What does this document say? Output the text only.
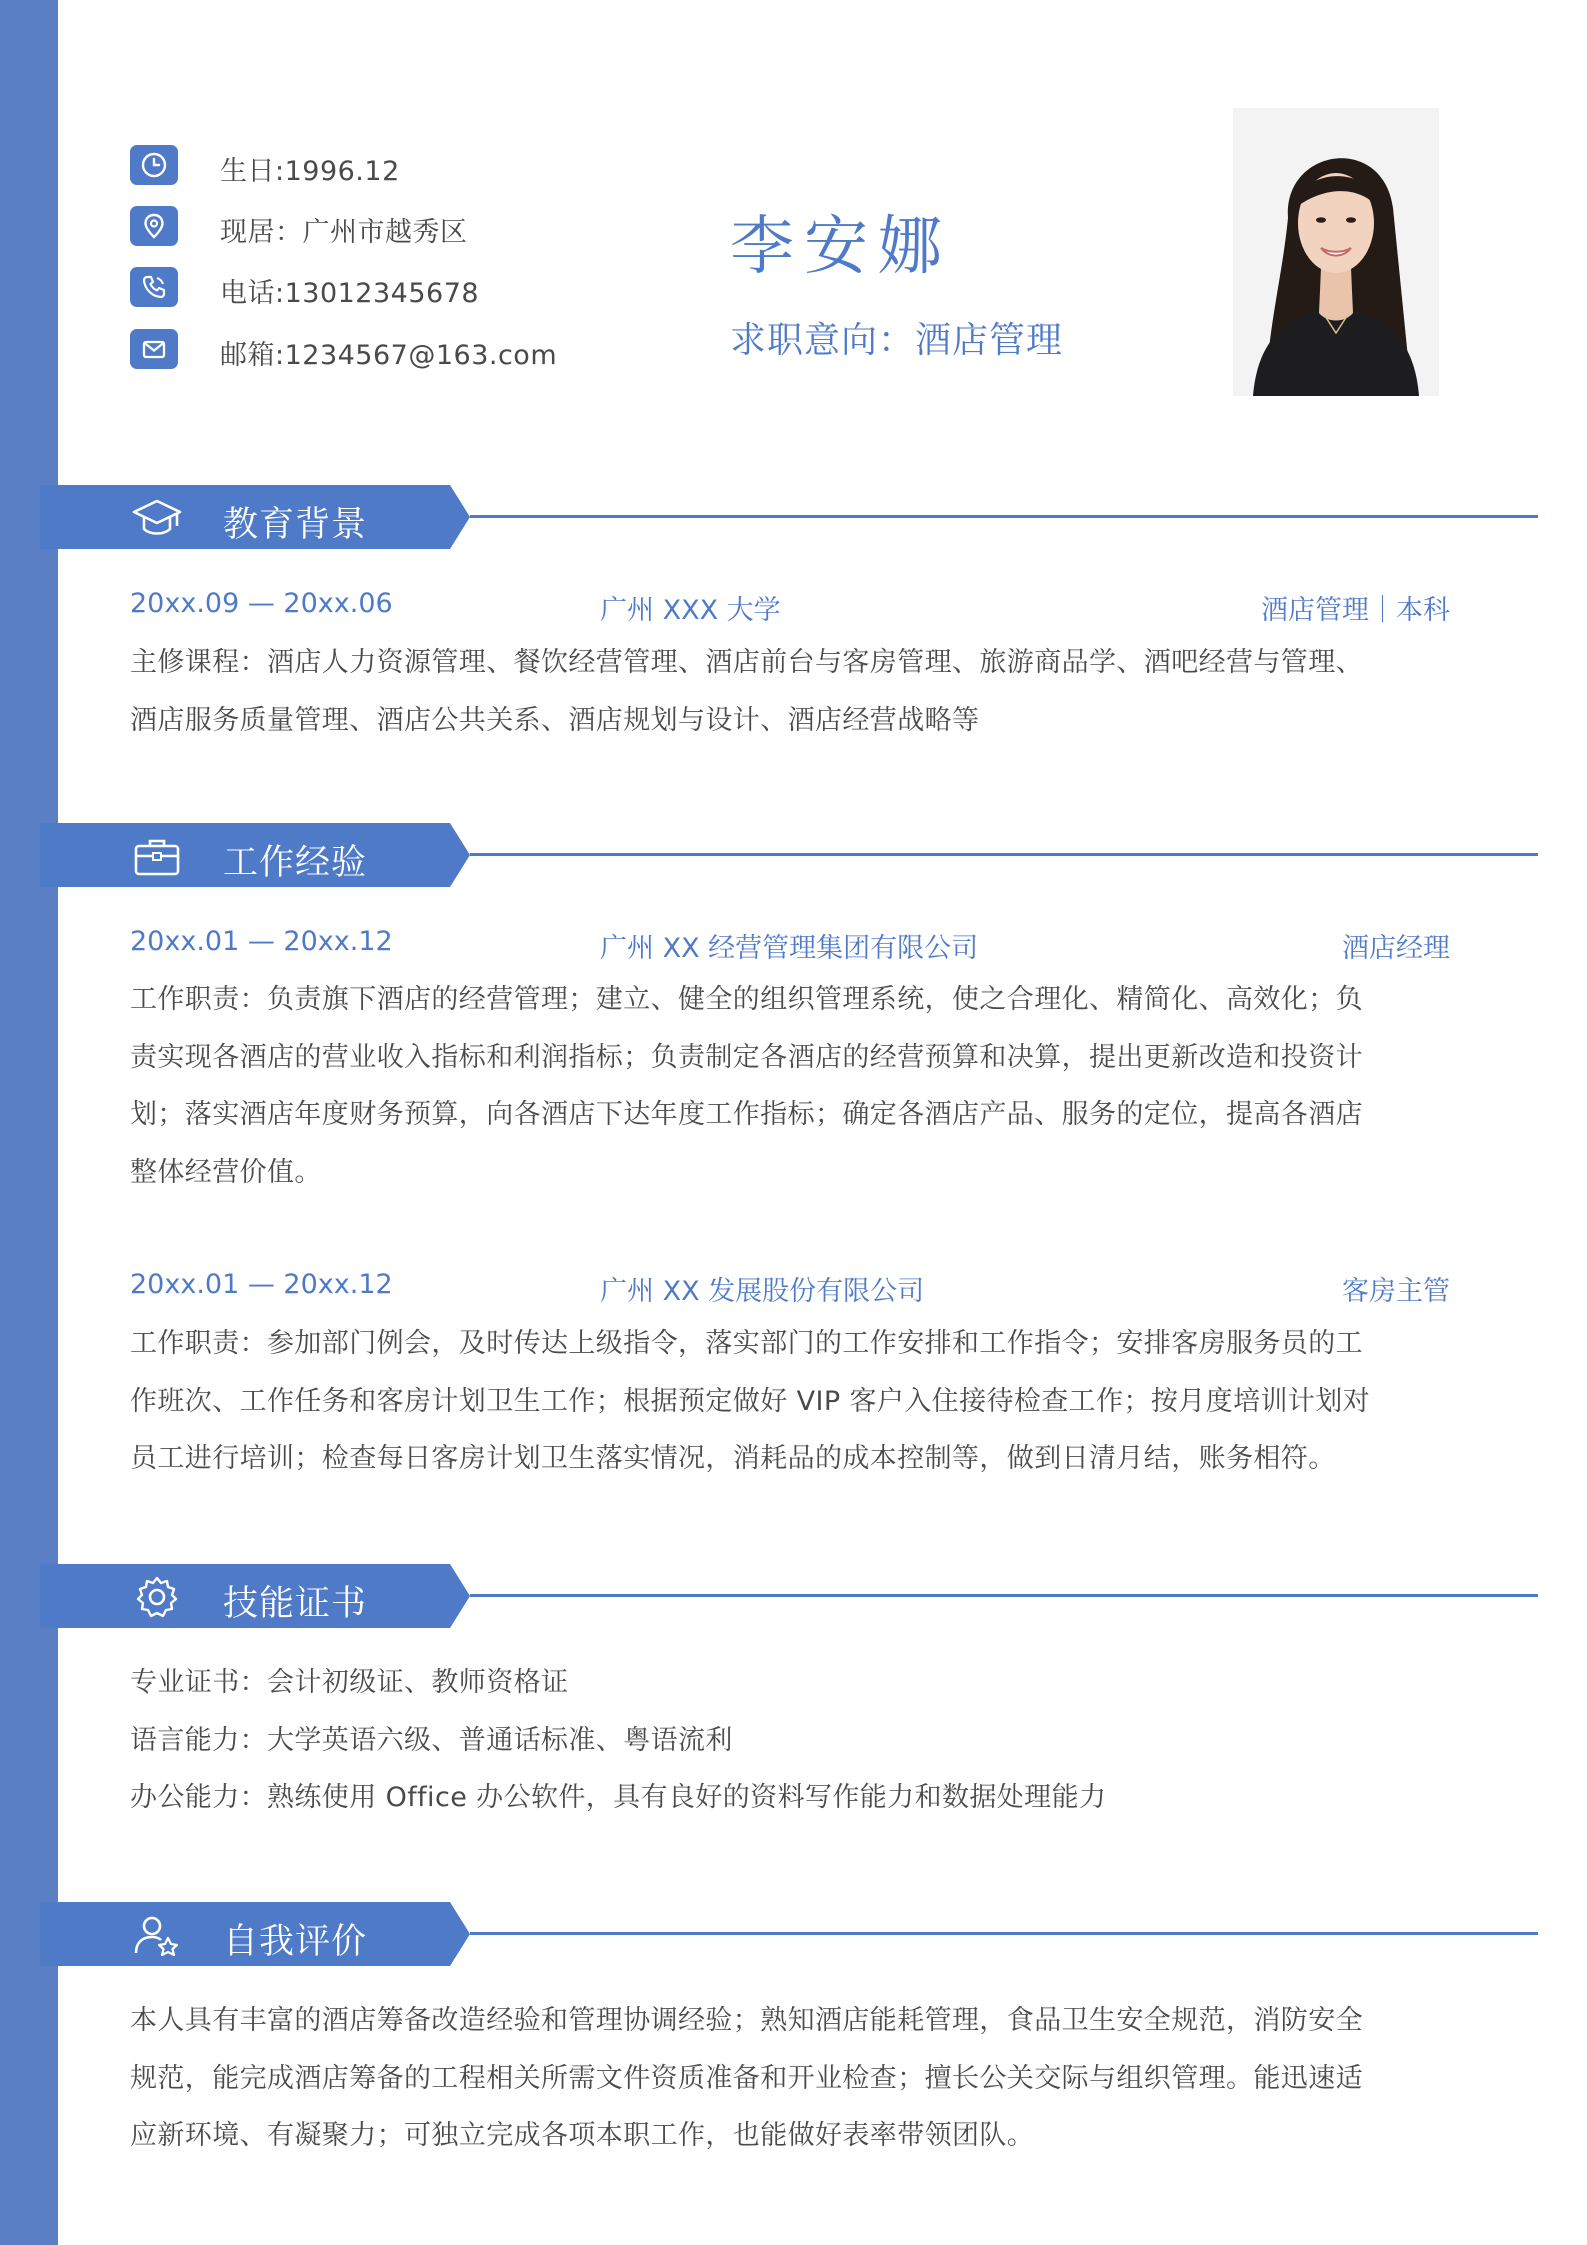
生日:1996.12
现居：广州市越秀区
电话:13012345678
邮箱:1234567@163.com
李安娜
求职意向：酒店管理
教育背景
20xx.09 — 20xx.06	广州 XXX 大学	酒店管理｜本科
主修课程：酒店人力资源管理、餐饮经营管理、酒店前台与客房管理、旅游商品学、酒吧经营与管理、
酒店服务质量管理、酒店公共关系、酒店规划与设计、酒店经营战略等
工作经验
20xx.01 — 20xx.12	广州 XX 经营管理集团有限公司	酒店经理
工作职责：负责旗下酒店的经营管理；建立、健全的组织管理系统，使之合理化、精简化、高效化；负
责实现各酒店的营业收入指标和利润指标；负责制定各酒店的经营预算和决算，提出更新改造和投资计
划；落实酒店年度财务预算，向各酒店下达年度工作指标；确定各酒店产品、服务的定位，提高各酒店
整体经营价值。
20xx.01 — 20xx.12	广州 XX 发展股份有限公司	客房主管
工作职责：参加部门例会，及时传达上级指令，落实部门的工作安排和工作指令；安排客房服务员的工
作班次、工作任务和客房计划卫生工作；根据预定做好 VIP 客户入住接待检查工作；按月度培训计划对
员工进行培训；检查每日客房计划卫生落实情况，消耗品的成本控制等，做到日清月结，账务相符。
技能证书
专业证书：会计初级证、教师资格证
语言能力：大学英语六级、普通话标准、粤语流利
办公能力：熟练使用 Office 办公软件，具有良好的资料写作能力和数据处理能力
自我评价
本人具有丰富的酒店筹备改造经验和管理协调经验；熟知酒店能耗管理，食品卫生安全规范，消防安全
规范，能完成酒店筹备的工程相关所需文件资质准备和开业检查；擅长公关交际与组织管理。能迅速适
应新环境、有凝聚力；可独立完成各项本职工作，也能做好表率带领团队。
